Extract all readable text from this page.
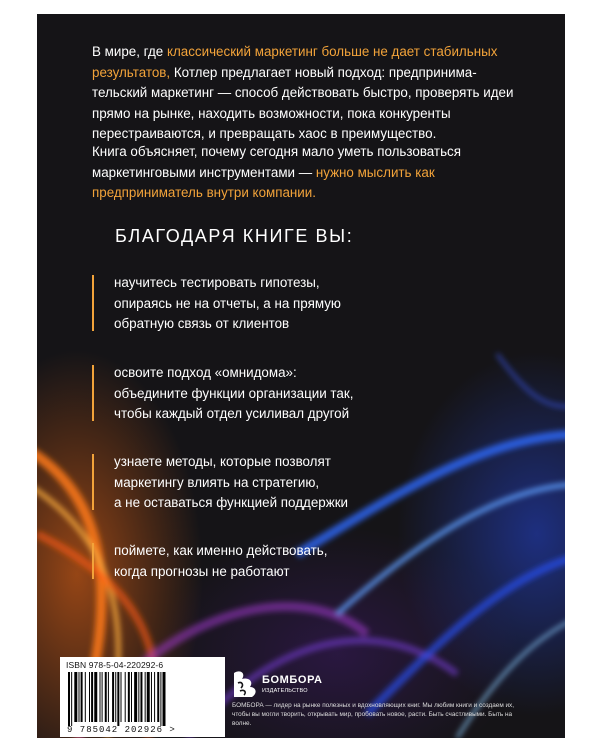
В мире, где классический маркетинг больше не дает стабильных результатов, Котлер предлагает новый подход: предпринима-тельский маркетинг — способ действовать быстро, проверять идеи прямо на рынке, находить возможности, пока конкуренты перестраиваются, и превращать хаос в преимущество.

Книга объясняет, почему сегодня мало уметь пользоваться маркетинговыми инструментами — нужно мыслить как предприниматель внутри компании.

БЛАГОДАРЯ КНИГЕ ВЫ:
научитесь тестировать гипотезы,
опираясь не на отчеты, а на прямую
обратную связь от клиентов
освоите подход «омнидома»:
объедините функции организации так,
чтобы каждый отдел усиливал другой
узнаете методы, которые позволят
маркетингу влиять на стратегию,
а не оставаться функцией поддержки
поймете, как именно действовать,
когда прогнозы не работают
ISBN 978-5-04-220292-6
9 785042 202926 >
БОМБОРА
ИЗДАТЕЛЬСТВО

БОМБОРА — лидер на рынке полезных и вдохновляющих книг. Мы любим книги и создаем их, чтобы вы могли творить, открывать мир, пробовать новое, расти. Быть счастливыми. Быть на волне.
